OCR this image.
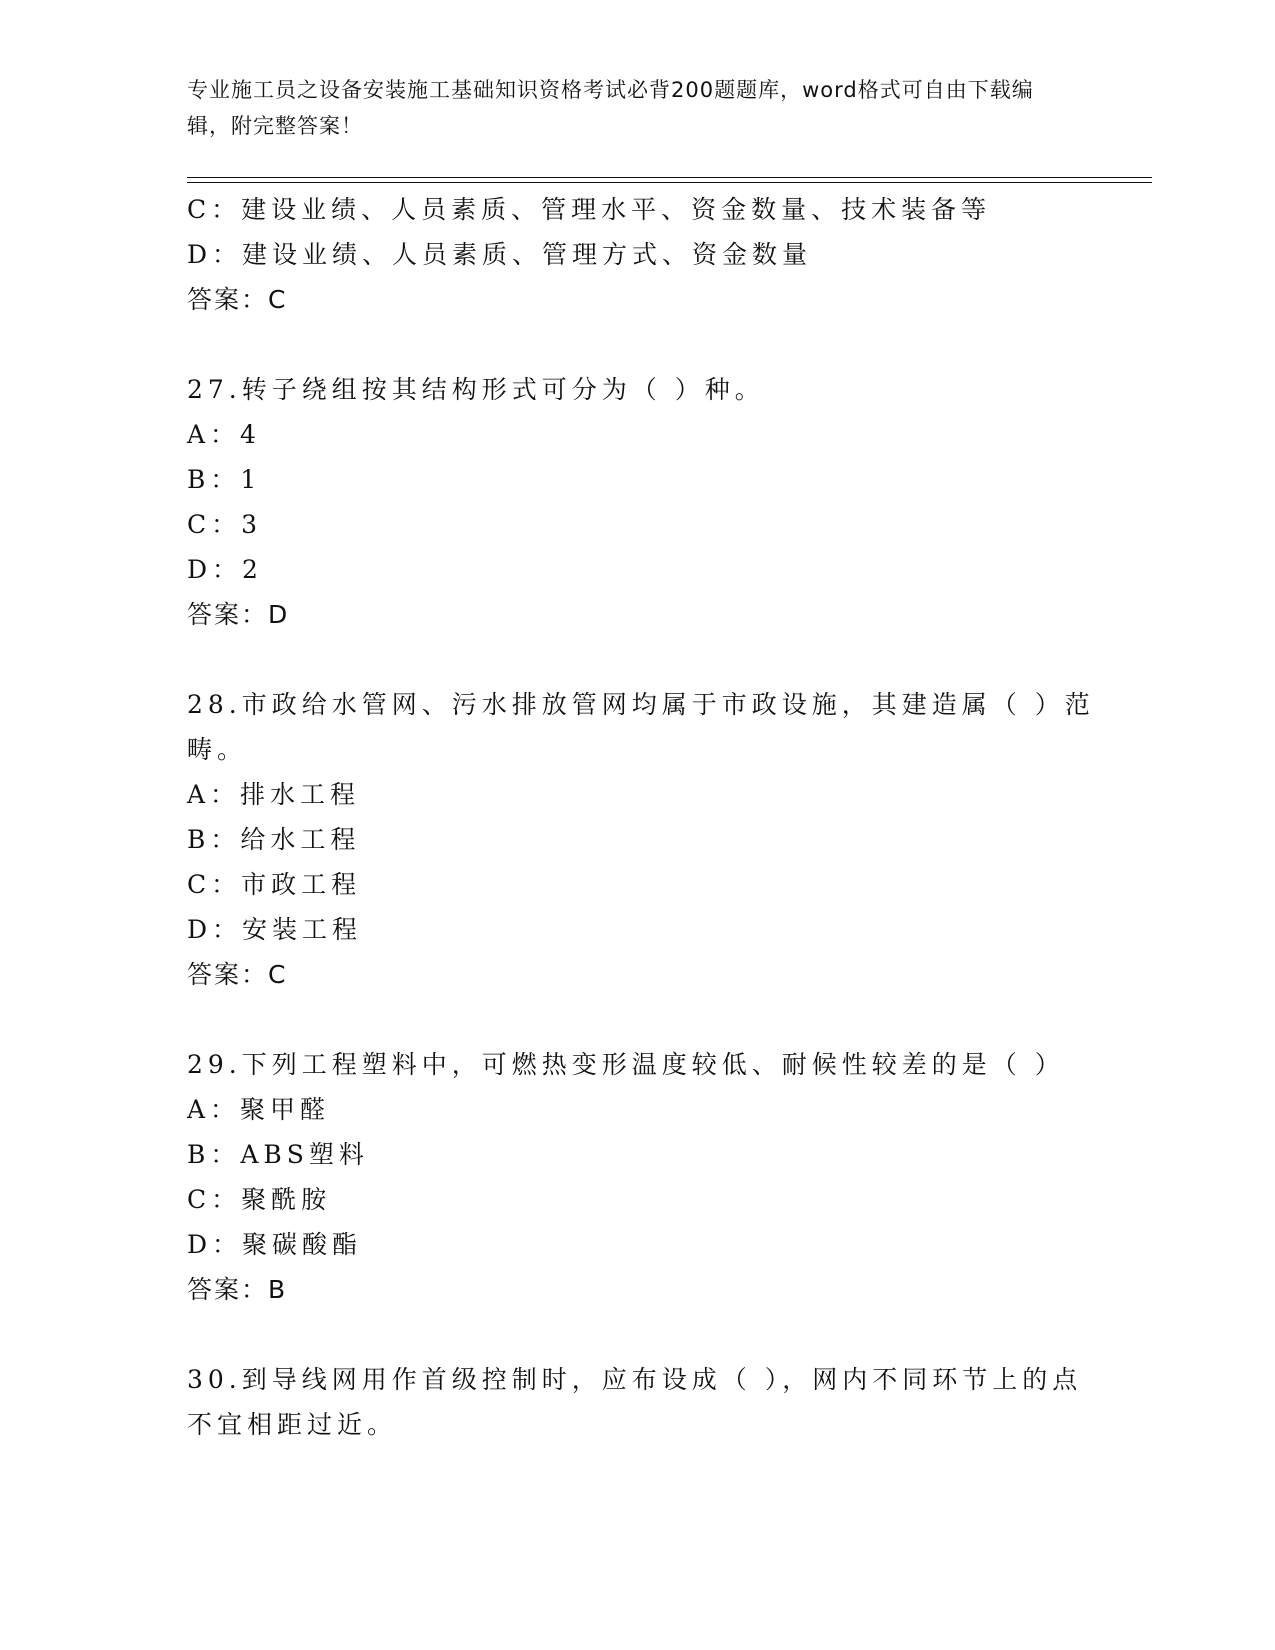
专业施工员之设备安装施工基础知识资格考试必背200题题库，word格式可自由下载编辑，附完整答案！
C：建设业绩、人员素质、管理水平、资金数量、技术装备等
D：建设业绩、人员素质、管理方式、资金数量
答案：C
27.转子绕组按其结构形式可分为（ ）种。
A：4
B：1
C：3
D：2
答案：D
28.市政给水管网、污水排放管网均属于市政设施，其建造属（ ）范
畴。
A：排水工程
B：给水工程
C：市政工程
D：安装工程
答案：C
29.下列工程塑料中，可燃热变形温度较低、耐候性较差的是（ ）
A：聚甲醛
B：ABS塑料
C：聚酰胺
D：聚碳酸酯
答案：B
30.到导线网用作首级控制时，应布设成（ ），网内不同环节上的点
不宜相距过近。
